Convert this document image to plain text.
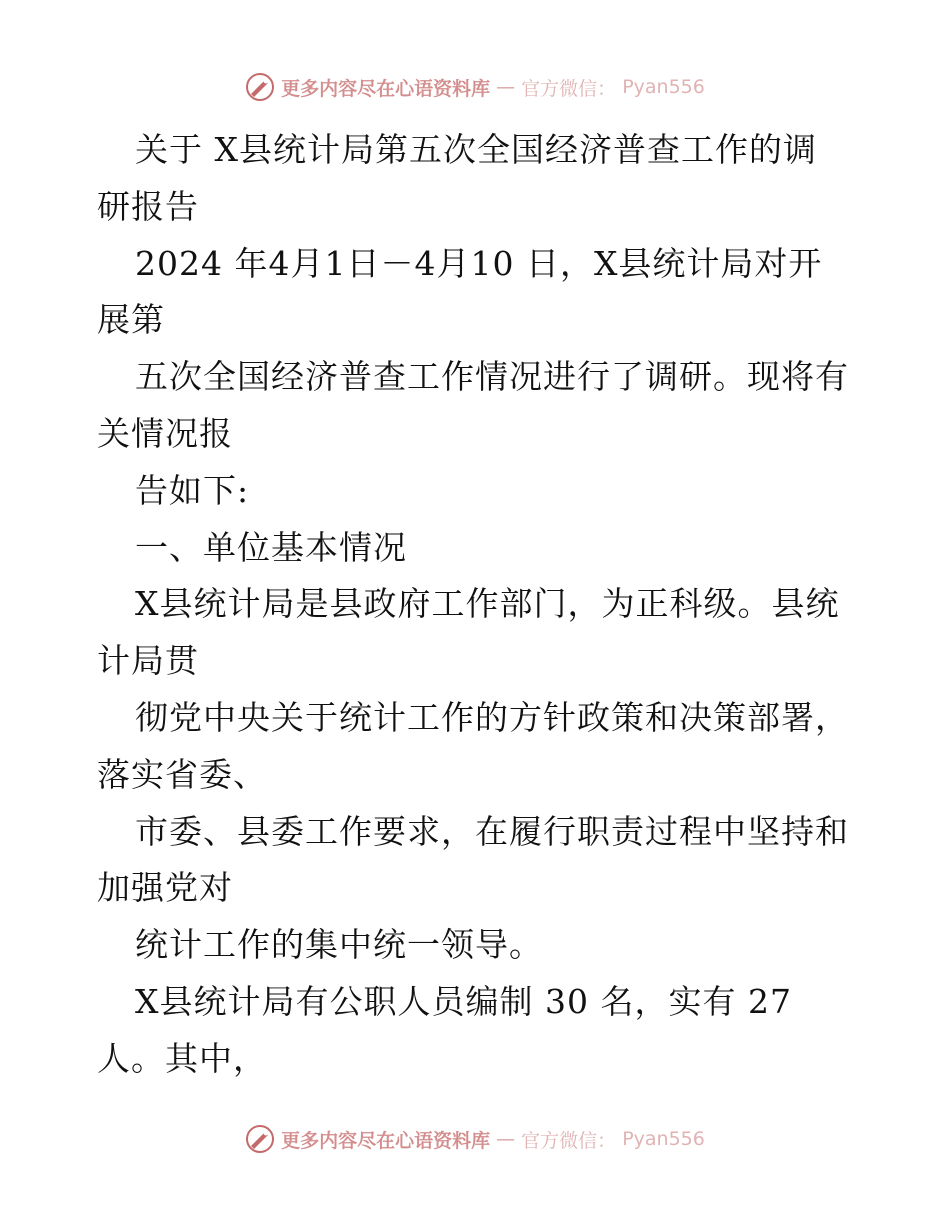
更多内容尽在心语资料库 — 官方微信： Pyan556
关于 X县统计局第五次全国经济普查工作的调
研报告
2024 年4月1日－4月10 日，X县统计局对开
展第
五次全国经济普查工作情况进行了调研。现将有
关情况报
告如下:
一、单位基本情况
X县统计局是县政府工作部门，为正科级。县统
计局贯
彻党中央关于统计工作的方针政策和决策部署，
落实省委、
市委、县委工作要求，在履行职责过程中坚持和
加强党对
统计工作的集中统一领导。
X县统计局有公职人员编制 30 名，实有 27
人。其中，
更多内容尽在心语资料库 — 官方微信： Pyan556
